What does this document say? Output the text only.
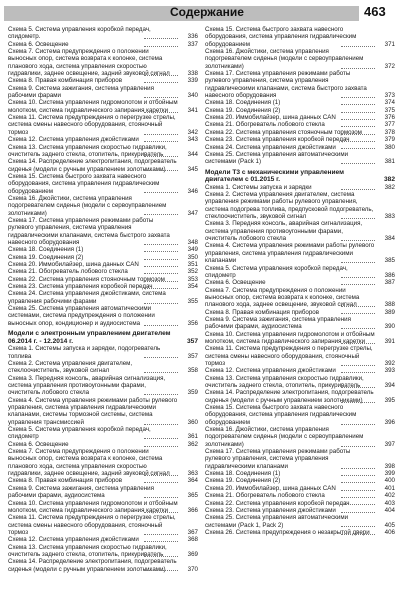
Содержание	463
Схема 5. Система управления коробкой передач, спидометр.	336
Схема 6. Освещение	337
Схема 7. Система предупреждения о положении выносных опор, система возврата к колонке, система планового хода, система управления скоростью гидравлики, заднее освещение, задний звуковой сигнал	338
Схема 8. Правая комбинация приборов	339
Схема 9. Система зажигания, система управления рабочими фарами	340
Схема 10. Система управления гидромолотом и отбойным молотком, система гидравлического запирания каретки	341
Схема 11. Система предупреждения о перегрузке стрелы, система смены навесного оборудования, стояночный тормоз	342
Схема 12. Система управления джойстиками	343
Схема 13. Система управления скоростью гидравлики, очиститель заднего стекла, отопитель, прикуриватель	344
Схема 14. Распределение электропитания, подогреватель сиденья (модели с ручным управлением золотниками)	345
Схема 15. Система быстрого захвата навесного оборудования, система управления гидравлическим оборудованием	346
Схема 16. Джойстики, система управления подогревателем сиденья (модели с сервоуправлением золотниками)	347
Схема 17. Система управления режимами работы рулевого управления, система управления гидравлическими клапанами, система быстрого захвата навесного оборудования	348
Схема 18. Соединения (1)	349
Схема 19. Соединения (2)	350
Схема 20. Иммобилайзер, шина данных CAN	351
Схема 21. Обогреватель лобового стекла	352
Схема 22. Система управления стояночным тормозом	353
Схема 23. Система управления коробкой передач	354
Схема 24. Система управления джойстиками, система управления рабочими фарами	355
Схема 25. Система управления автоматическими системами, система предупреждения о положении выносных опор, кондиционер и аудиосистема	356
Модели с электронным управлением двигателем 06.2014 г. - 12.2014 г.	357
Схема 1. Системы запуска и зарядки, подогреватель топлива	357
Схема 2. Система управления двигателем, стеклоочиститель, звуковой сигнал	358
Схема 3. Передняя консоль, аварийная сигнализация, система управления противоугонными фарами, очиститель лобового стекла	359
Схема 4. Система управления режимами работы рулевого управления, система управления гидравлическими клапанами, системы тормозной системы, система управления трансмиссией	360
Схема 5. Система управления коробкой передач, спидометр	361
Схема 6. Освещение	362
Схема 7. Система предупреждения о положении выносных опор, система возврата к колонке, система планового хода, система управления скоростью гидравлики, заднее освещение, задний звуковой сигнал	363
Схема 8. Правая комбинация приборов	364
Схема 9. Система зажигания, система управления рабочими фарами, аудиосистема	365
Схема 10. Система управления гидромолотом и отбойным молотком, система гидравлического запирания каретки	366
Схема 11. Система предупреждения о перегрузке стрелы, система смены навесного оборудования, стояночный тормоз	367
Схема 12. Система управления джойстиками	368
Схема 13. Система управления скоростью гидравлики, очиститель заднего стекла, отопитель, прикуриватель	369
Схема 14. Распределение электропитания, подогреватель сиденья (модели с ручным управлением золотниками)	370
Схема 15. Система быстрого захвата навесного оборудования, система управления гидравлическим оборудованием	371
Схема 16. Джойстики, система управления подогревателем сиденья (модели с сервоуправлением золотниками)	372
Схема 17. Система управления режимами работы рулевого управления, система управления гидравлическими клапанами, система быстрого захвата навесного оборудования	373
Схема 18. Соединения (1)	374
Схема 19. Соединения (2)	375
Схема 20. Иммобилайзер, шина данных CAN	376
Схема 21. Обогреватель лобового стекла	377
Схема 22. Система управления стояночным тормозом	378
Схема 23. Система управления коробкой передач	379
Схема 24. Система управления джойстиками	380
Схема 25. Система управления автоматическими системами (Pack 1)	381
Модели Т3 с механическими управлением двигателем с 01.2015 г.	382
Схема 1. Системы запуска и зарядки	382
Схема 2. Система управления двигателем, система управления режимами работы рулевого управления, система подогрева топлива, предпусковой подогреватель, стеклоочиститель, звуковой сигнал	383
Схема 3. Передняя консоль, аварийная сигнализация, система управления противоугонными фарами, очиститель лобового стекла	384
Схема 4. Система управления режимами работы рулевого управления, система управления гидравлическими клапанами	385
Схема 5. Система управления коробкой передач, спидометр	386
Схема 6. Освещение	387
Схема 7. Система предупреждения о положении выносных опор, система возврата к колонке, система планового хода, заднее освещение, звуковой сигнал	388
Схема 8. Правая комбинация приборов	389
Схема 9. Система зажигания, система управления рабочими фарами, аудиосистема	390
Схема 10. Система управления гидромолотом и отбойным молотком, система гидравлического запирания каретки	391
Схема 11. Система предупреждения о перегрузке стрелы, система смены навесного оборудования, стояночный тормоз	392
Схема 12. Система управления джойстиками	393
Схема 13. Система управления скоростью гидравлики, очиститель заднего стекла, отопитель, прикуриватель	394
Схема 14. Распределение электропитания, подогреватель сиденья (модели с ручным управлением золотниками)	395
Схема 15. Система быстрого захвата навесного оборудования, система управления гидравлическим оборудованием	396
Схема 16. Джойстики, система управления подогревателем сиденья (модели с сервоуправлением золотниками)	397
Схема 17. Система управления режимами работы рулевого управления, система управления гидравлическими клапанами	398
Схема 18. Соединения (1)	399
Схема 19. Соединения (2)	400
Схема 20. Иммобилайзер, шина данных CAN	401
Схема 21. Обогреватель лобового стекла	402
Схема 22. Система управления коробкой передач	403
Схема 23. Система управления джойстиками	404
Схема 25. Система управления автоматическими системами (Pack 1, Pack 2)	405
Схема 26. Система предупреждения о незакрытой двери 406
